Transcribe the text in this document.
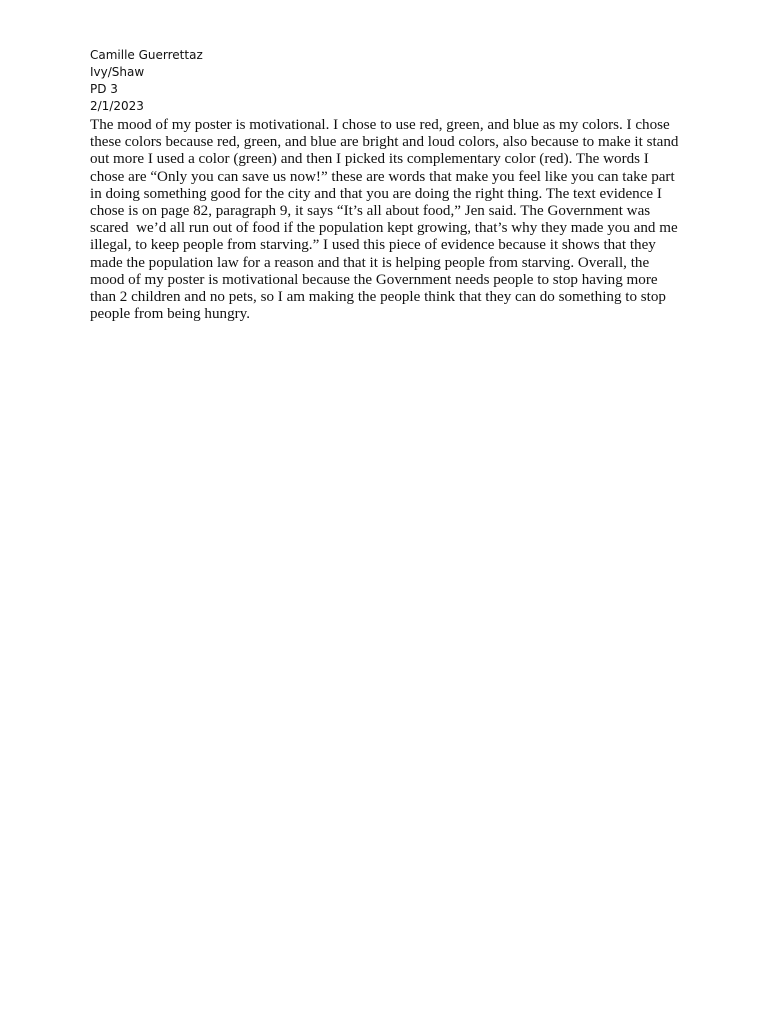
Camille Guerrettaz
Ivy/Shaw
PD 3
2/1/2023
The mood of my poster is motivational. I chose to use red, green, and blue as my colors. I chose
these colors because red, green, and blue are bright and loud colors, also because to make it stand
out more I used a color (green) and then I picked its complementary color (red). The words I
chose are “Only you can save us now!” these are words that make you feel like you can take part
in doing something good for the city and that you are doing the right thing. The text evidence I
chose is on page 82, paragraph 9, it says “It’s all about food,” Jen said. The Government was
scared  we’d all run out of food if the population kept growing, that’s why they made you and me
illegal, to keep people from starving.” I used this piece of evidence because it shows that they
made the population law for a reason and that it is helping people from starving. Overall, the
mood of my poster is motivational because the Government needs people to stop having more
than 2 children and no pets, so I am making the people think that they can do something to stop
people from being hungry.
